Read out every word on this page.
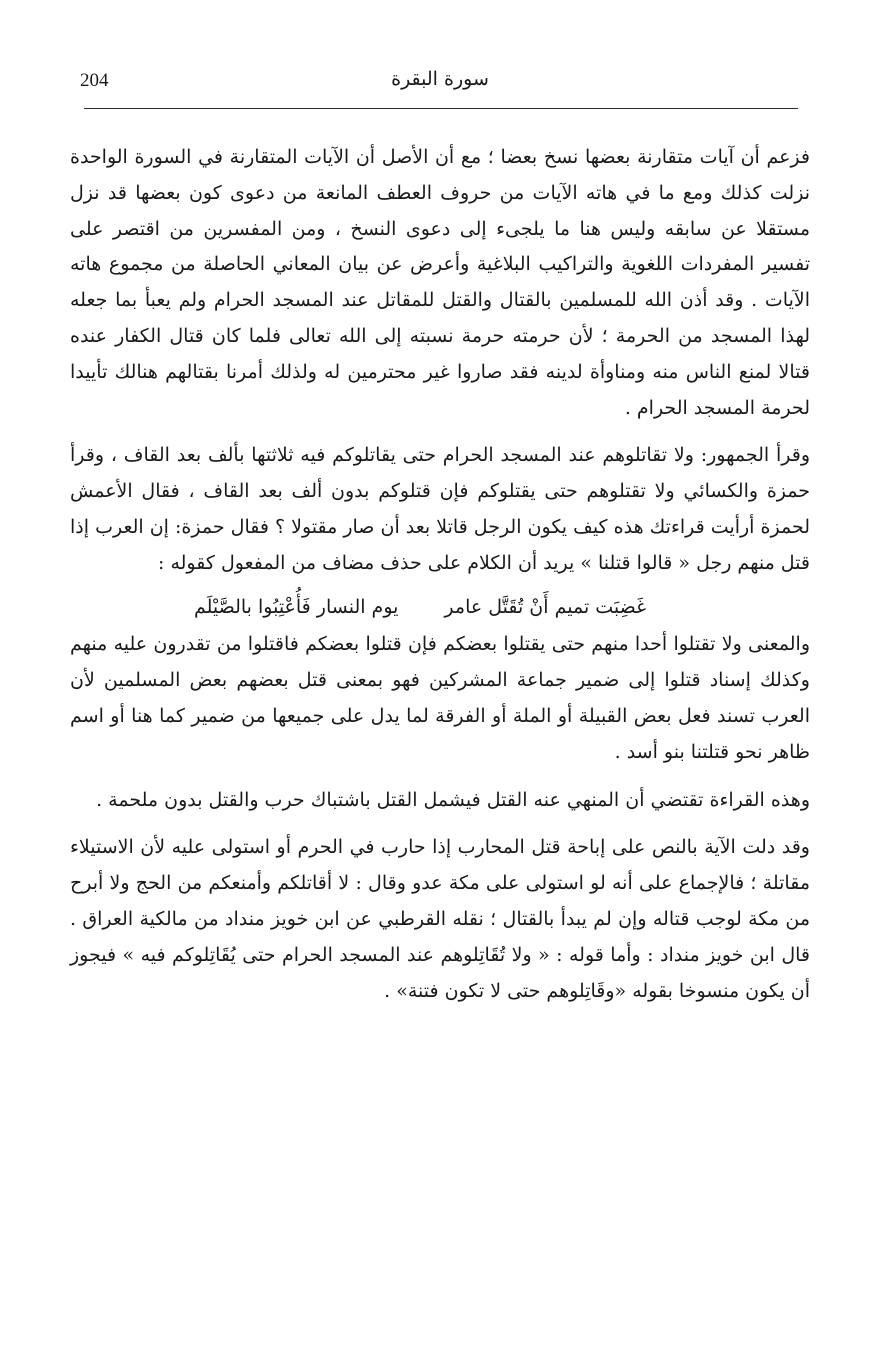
204	سورة البقرة

فزعم أن آيات متقارنة بعضها نسخ بعضا ؛ مع أن الأصل أن الآيات المتقارنة في السورة الواحدة نزلت كذلك ومع ما في هاته الآيات من حروف العطف المانعة من دعوى كون بعضها قد نزل مستقلا عن سابقه وليس هنا ما يلجىء إلى دعوى النسخ ، ومن المفسرين من اقتصر على تفسير المفردات اللغوية والتراكيب البلاغية وأعرض عن بيان المعاني الحاصلة من مجموع هاته الآيات . وقد أذن الله للمسلمين بالقتال والقتل للمقاتل عند المسجد الحرام ولم يعبأ بما جعله لهذا المسجد من الحرمة ؛ لأن حرمته حرمة نسبته إلى الله تعالى فلما كان قتال الكفار عنده قتالا لمنع الناس منه ومناوأة لدينه فقد صاروا غير محترمين له ولذلك أمرنا بقتالهم هنالك تأييدا لحرمة المسجد الحرام .

وقرأ الجمهور: ولا تقاتلوهم عند المسجد الحرام حتى يقاتلوكم فيه ثلاثتها بألف بعد القاف ، وقرأ حمزة والكسائي ولا تقتلوهم حتى يقتلوكم فإن قتلوكم بدون ألف بعد القاف ، فقال الأعمش لحمزة أرأيت قراءتك هذه كيف يكون الرجل قاتلا بعد أن صار مقتولا ؟ فقال حمزة: إن العرب إذا قتل منهم رجل « قالوا قتلنا » يريد أن الكلام على حذف مضاف من المفعول كقوله :

غَضِبَت تميم أَنْ تُقَتَّل عامر
يوم النسار فَأُعْتِبُوا بالصَّيْلَم

والمعنى ولا تقتلوا أحدا منهم حتى يقتلوا بعضكم فإن قتلوا بعضكم فاقتلوا من تقدرون عليه منهم وكذلك إسناد قتلوا إلى ضمير جماعة المشركين فهو بمعنى قتل بعضهم بعض المسلمين لأن العرب تسند فعل بعض القبيلة أو الملة أو الفرقة لما يدل على جميعها من ضمير كما هنا أو اسم ظاهر نحو قتلتنا بنو أسد .

وهذه القراءة تقتضي أن المنهي عنه القتل فيشمل القتل باشتباك حرب والقتل بدون ملحمة .

وقد دلت الآية بالنص على إباحة قتل المحارب إذا حارب في الحرم أو استولى عليه لأن الاستيلاء مقاتلة ؛ فالإجماع على أنه لو استولى على مكة عدو وقال : لا أقاتلكم وأمنعكم من الحج ولا أبرح من مكة لوجب قتاله وإن لم يبدأ بالقتال ؛ نقله القرطبي عن ابن خويز منداد من مالكية العراق . قال ابن خويز منداد : وأما قوله : « ولا تُقَاتِلوهم عند المسجد الحرام حتى يُقَاتِلوكم فيه » فيجوز أن يكون منسوخا بقوله «وقَاتِلوهم حتى لا تكون فتنة» .
